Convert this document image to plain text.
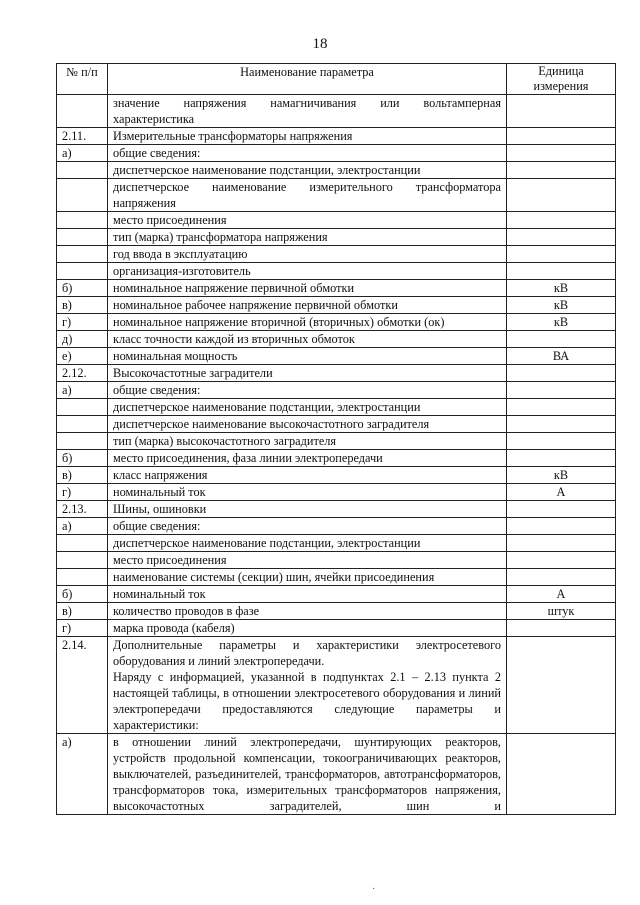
18
№ п/п	Наименование параметра	Единица измерения
	значение напряжения намагничивания или вольтамперная характеристика	
2.11.	Измерительные трансформаторы напряжения	
а)	общие сведения:	
	диспетчерское наименование подстанции, электростанции	
	диспетчерское наименование измерительного трансформатора напряжения	
	место присоединения	
	тип (марка) трансформатора напряжения	
	год ввода в эксплуатацию	
	организация-изготовитель	
б)	номинальное напряжение первичной обмотки	кВ
в)	номинальное рабочее напряжение первичной обмотки	кВ
г)	номинальное напряжение вторичной (вторичных) обмотки (ок)	кВ
д)	класс точности каждой из вторичных обмоток	
е)	номинальная мощность	ВА
2.12.	Высокочастотные заградители	
а)	общие сведения:	
	диспетчерское наименование подстанции, электростанции	
	диспетчерское наименование высокочастотного заградителя	
	тип (марка) высокочастотного заградителя	
б)	место присоединения, фаза линии электропередачи	
в)	класс напряжения	кВ
г)	номинальный ток	А
2.13.	Шины, ошиновки	
а)	общие сведения:	
	диспетчерское наименование подстанции, электростанции	
	место присоединения	
	наименование системы (секции) шин, ячейки присоединения	
б)	номинальный ток	А
в)	количество проводов в фазе	штук
г)	марка провода (кабеля)	
2.14.	Дополнительные параметры и характеристики электросетевого оборудования и линий электропередачи.
Наряду с информацией, указанной в подпунктах 2.1 – 2.13 пункта 2 настоящей таблицы, в отношении электросетевого оборудования и линий электропередачи предоставляются следующие параметры и характеристики:	

а)	в отношении линий электропередачи, шунтирующих реакторов, устройств продольной компенсации, токоограничивающих реакторов, выключателей, разъединителей, трансформаторов, автотрансформаторов, трансформаторов тока, измерительных трансформаторов напряжения, высокочастотных заградителей, шин и	
·
